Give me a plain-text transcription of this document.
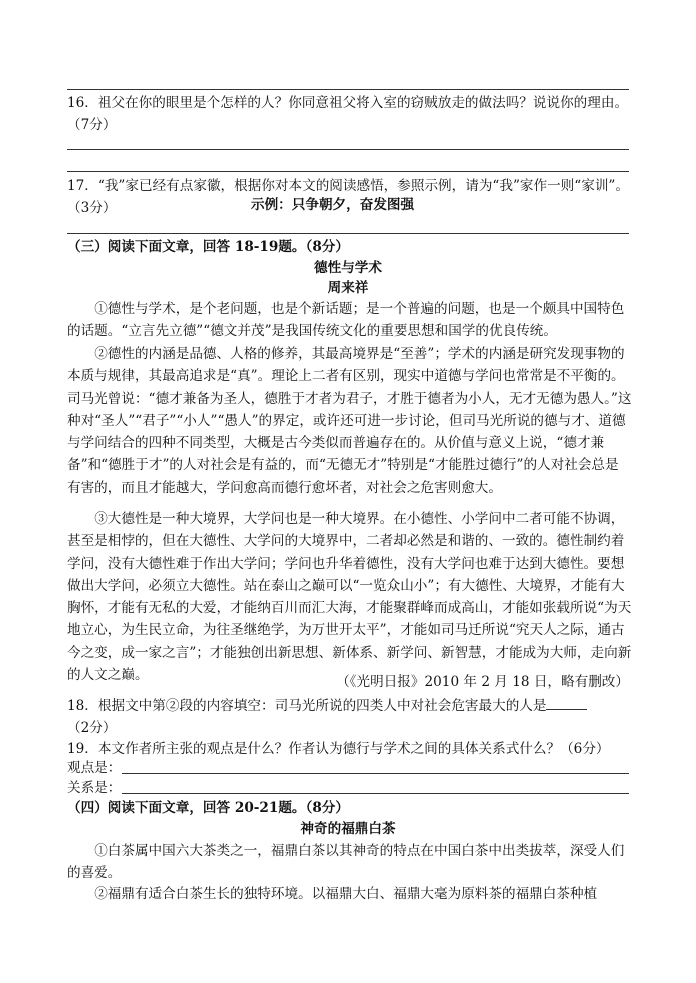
16．祖父在你的眼里是个怎样的人？你同意祖父将入室的窃贼放走的做法吗？说说你的理由。（7分）

17．“我”家已经有点家徽，根据你对本文的阅读感悟，参照示例，请为“我”家作一则“家训”。（3分）	示例：只争朝夕，奋发图强

（三）阅读下面文章，回答 18-19题。（8分）

德性与学术

周来祥

①德性与学术，是个老问题，也是个新话题；是一个普遍的问题，也是一个颇具中国特色的话题。“立言先立德”“德文并茂”是我国传统文化的重要思想和国学的优良传统。

②德性的内涵是品德、人格的修养，其最高境界是“至善”；学术的内涵是研究发现事物的本质与规律，其最高追求是“真”。理论上二者有区别，现实中道德与学问也常常是不平衡的。司马光曾说：“德才兼备为圣人，德胜于才者为君子，才胜于德者为小人，无才无德为愚人。”这种对“圣人”“君子”“小人”“愚人”的界定，或许还可进一步讨论，但司马光所说的德与才、道德与学问结合的四种不同类型，大概是古今类似而普遍存在的。从价值与意义上说，“德才兼备”和“德胜于才”的人对社会是有益的，而“无德无才”特别是“才能胜过德行”的人对社会总是有害的，而且才能越大，学问愈高而德行愈坏者，对社会之危害则愈大。

③大德性是一种大境界，大学问也是一种大境界。在小德性、小学问中二者可能不协调，甚至是相悖的，但在大德性、大学问的大境界中，二者却必然是和谐的、一致的。德性制约着学问，没有大德性难于作出大学问；学问也升华着德性，没有大学问也难于达到大德性。要想做出大学问，必须立大德性。站在泰山之巅可以“一览众山小”；有大德性、大境界，才能有大胸怀，才能有无私的大爱，才能纳百川而汇大海，才能聚群峰而成高山，才能如张载所说“为天地立心，为生民立命，为往圣继绝学，为万世开太平”，才能如司马迁所说“究天人之际，通古今之变，成一家之言”；才能独创出新思想、新体系、新学问、新智慧，才能成为大师，走向新的人文之巅。	（《光明日报》2010 年 2 月 18 日，略有删改）

18．根据文中第②段的内容填空：司马光所说的四类人中对社会危害最大的人是（2分）

19．本文作者所主张的观点是什么？作者认为德行与学术之间的具体关系式什么？（6分）

观点是：

关系是：

（四）阅读下面文章，回答 20-21题。（8分）

神奇的福鼎白茶

①白茶属中国六大茶类之一，福鼎白茶以其神奇的特点在中国白茶中出类拔萃，深受人们的喜爱。

②福鼎有适合白茶生长的独特环境。以福鼎大白、福鼎大毫为原料茶的福鼎白茶种植
